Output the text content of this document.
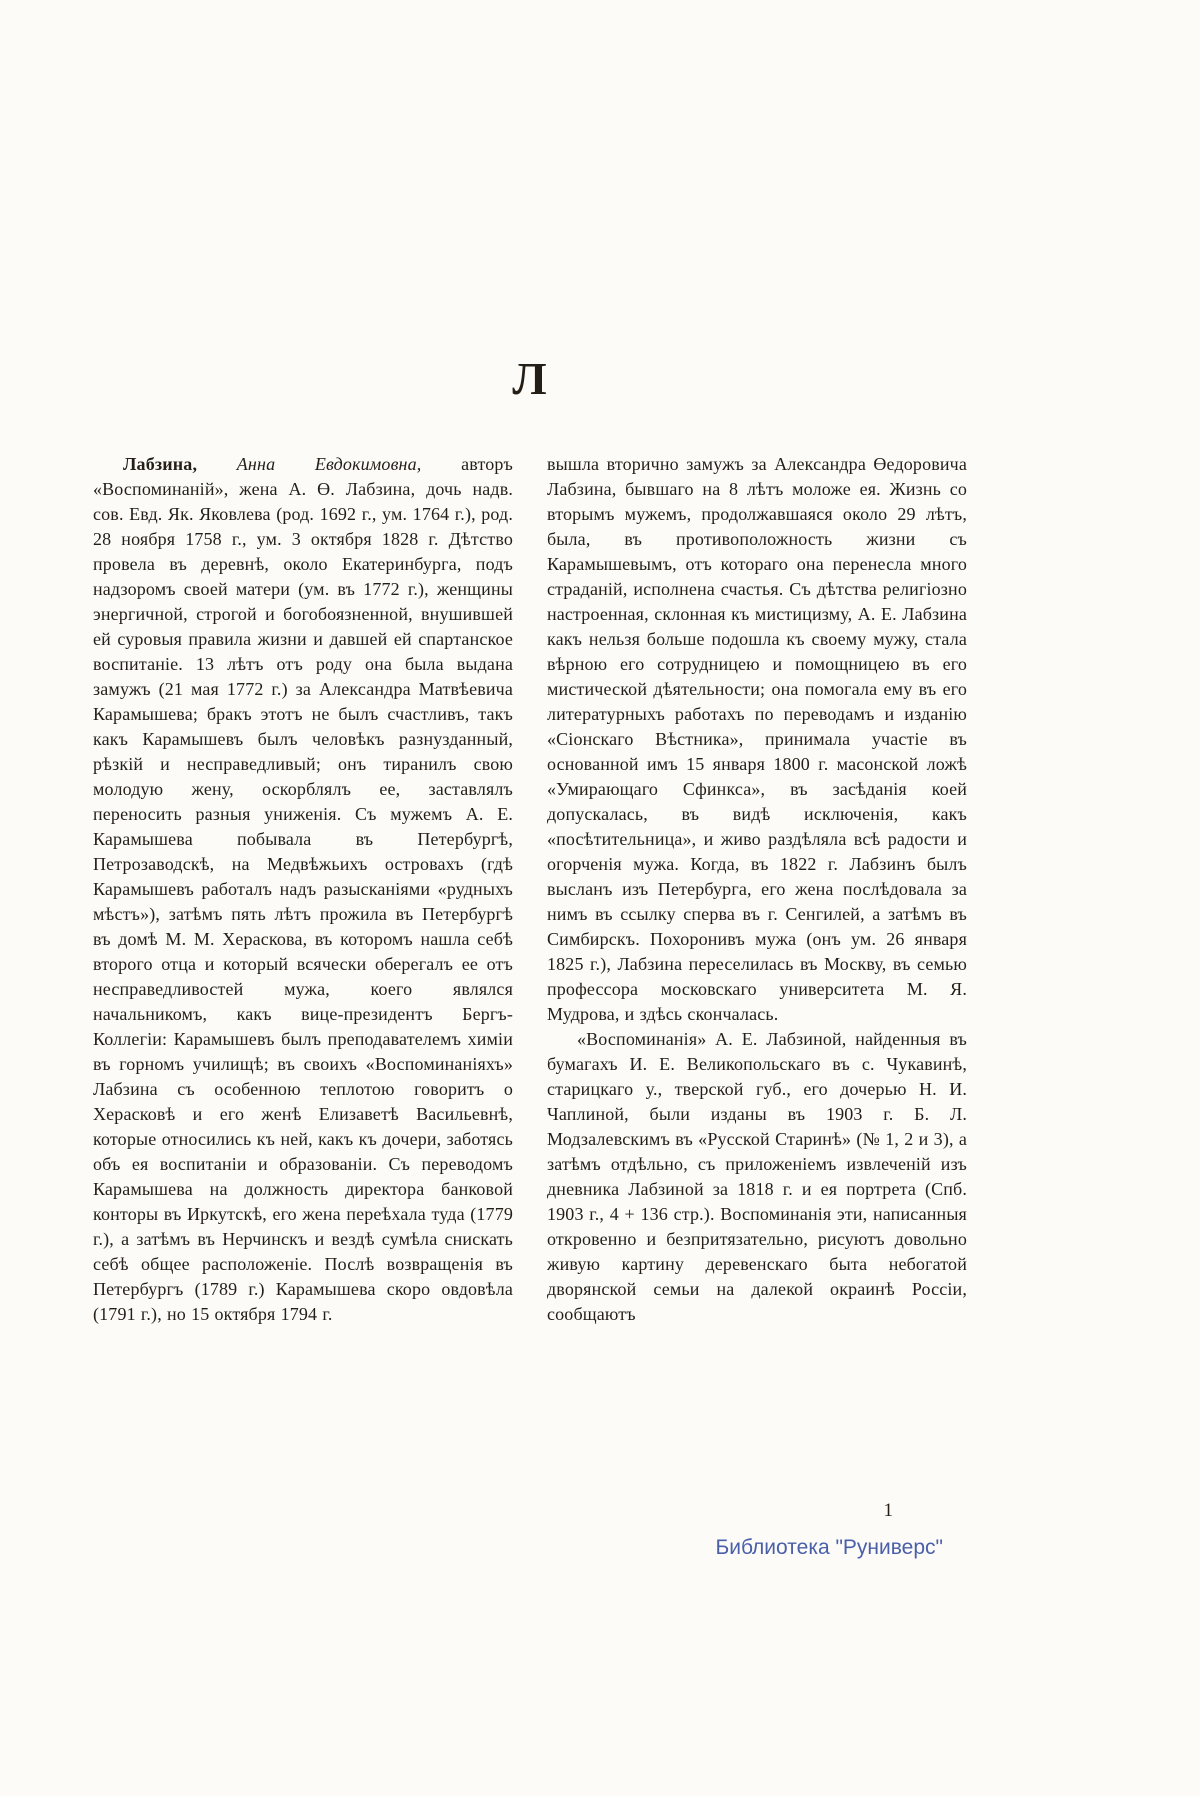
Л

Лабзина, Анна Евдокимовна, авторъ «Воспоминаній», жена А. Ө. Лабзина, дочь надв. сов. Евд. Як. Яковлева (род. 1692 г., ум. 1764 г.), род. 28 ноября 1758 г., ум. 3 октября 1828 г. Дѣтство провела въ деревнѣ, около Екатеринбурга, подъ надзоромъ своей матери (ум. въ 1772 г.), женщины энергичной, строгой и богобоязненной, внушившей ей суровыя правила жизни и давшей ей спартанское воспитаніе. 13 лѣтъ отъ роду она была выдана замужъ (21 мая 1772 г.) за Александра Матвѣевича Карамышева; бракъ этотъ не былъ счастливъ, такъ какъ Карамышевъ былъ человѣкъ разнузданный, рѣзкій и несправедливый; онъ тиранилъ свою молодую жену, оскорблялъ ее, заставлялъ переносить разныя униженія. Съ мужемъ А. Е. Карамышева побывала въ Петербургѣ, Петрозаводскѣ, на Медвѣжьихъ островахъ (гдѣ Карамышевъ работалъ надъ разысканіями «рудныхъ мѣстъ»), затѣмъ пять лѣтъ прожила въ Петербургѣ въ домѣ М. М. Хераскова, въ которомъ нашла себѣ второго отца и который всячески оберегалъ ее отъ несправедливостей мужа, коего являлся начальникомъ, какъ вице-президентъ Бергъ-Коллегіи: Карамышевъ былъ преподавателемъ химіи въ горномъ училищѣ; въ своихъ «Воспоминаніяхъ» Лабзина съ особенною теплотою говоритъ о Херасковѣ и его женѣ Елизаветѣ Васильевнѣ, которые относились къ ней, какъ къ дочери, заботясь объ ея воспитаніи и образованіи. Съ переводомъ Карамышева на должность директора банковой конторы въ Иркутскѣ, его жена переѣхала туда (1779 г.), а затѣмъ въ Нерчинскъ и вездѣ сумѣла снискать себѣ общее расположеніе. Послѣ возвращенія въ Петербургъ (1789 г.) Карамышева скоро овдовѣла (1791 г.), но 15 октября 1794 г.

вышла вторично замужъ за Александра Өедоровича Лабзина, бывшаго на 8 лѣтъ моложе ея. Жизнь со вторымъ мужемъ, продолжавшаяся около 29 лѣтъ, была, въ противоположность жизни съ Карамышевымъ, отъ котораго она перенесла много страданій, исполнена счастья. Съ дѣтства религіозно настроенная, склонная къ мистицизму, А. Е. Лабзина какъ нельзя больше подошла къ своему мужу, стала вѣрною его сотрудницею и помощницею въ его мистической дѣятельности; она помогала ему въ его литературныхъ работахъ по переводамъ и изданію «Сіонскаго Вѣстника», принимала участіе въ основанной имъ 15 января 1800 г. масонской ложѣ «Умирающаго Сфинкса», въ засѣданія коей допускалась, въ видѣ исключенія, какъ «посѣтительница», и живо раздѣляла всѣ радости и огорченія мужа. Когда, въ 1822 г. Лабзинъ былъ высланъ изъ Петербурга, его жена послѣдовала за нимъ въ ссылку сперва въ г. Сенгилей, а затѣмъ въ Симбирскъ. Похоронивъ мужа (онъ ум. 26 января 1825 г.), Лабзина переселилась въ Москву, въ семью профессора московскаго университета М. Я. Мудрова, и здѣсь скончалась.

«Воспоминанія» А. Е. Лабзиной, найденныя въ бумагахъ И. Е. Великопольскаго въ с. Чукавинѣ, старицкаго у., тверской губ., его дочерью Н. И. Чаплиной, были изданы въ 1903 г. Б. Л. Модзалевскимъ въ «Русской Старинѣ» (№ 1, 2 и 3), а затѣмъ отдѣльно, съ приложеніемъ извлеченій изъ дневника Лабзиной за 1818 г. и ея портрета (Спб. 1903 г., 4 + 136 стр.). Воспоминанія эти, написанныя откровенно и безпритязательно, рисуютъ довольно живую картину деревенскаго быта небогатой дворянской семьи на далекой окраинѣ Россіи, сообщаютъ

1
Библиотека "Руниверс"
